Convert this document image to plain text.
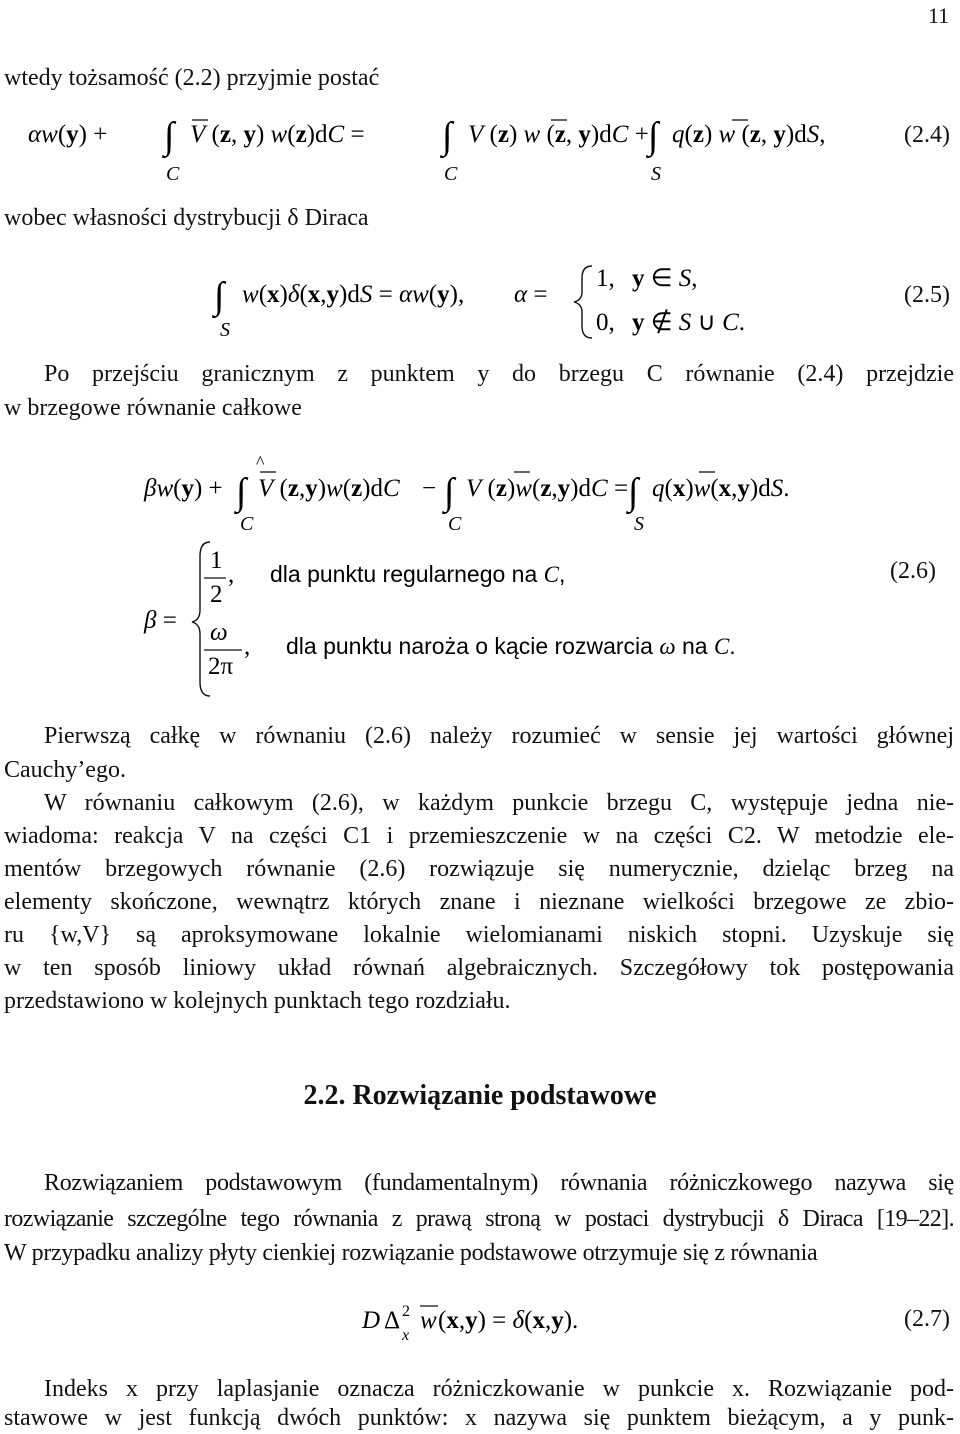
11
wtedy tożsamość (2.2) przyjmie postać
αw(y) + ∫
C
V (z, y) w(z)dC = ∫
C
V (z) w (z, y)dC + ∫
S
q(z) w (z, y)dS,	(2.4)
wobec własności dystrybucji δ Diraca
∫
S
w(x)δ(x,y)dS = αw(y), α =
1, y ∈ S,
0, y ∉ S ∪ C.
(2.5)
Po przejściu granicznym z punktem y do brzegu C równanie (2.4) przejdzie
w brzegowe równanie całkowe
βw(y) + ∫
C
V (z,y)w(z)dC
^
− ∫
C
V (z)w(z,y)dC = ∫
S
q(x)w(x,y)dS.
β =
1
2
, dla punktu regularnego na C,
ω
2π
, dla punktu naroża o kącie rozwarcia ω na C.
(2.6)
Pierwszą całkę w równaniu (2.6) należy rozumieć w sensie jej wartości głównej
Cauchy’ego.
W równaniu całkowym (2.6), w każdym punkcie brzegu C, występuje jedna nie-
wiadoma: reakcja V na części C1 i przemieszczenie w na części C2. W metodzie ele-
mentów brzegowych równanie (2.6) rozwiązuje się numerycznie, dzieląc brzeg na
elementy skończone, wewnątrz których znane i nieznane wielkości brzegowe ze zbio-
ru {w,V} są aproksymowane lokalnie wielomianami niskich stopni. Uzyskuje się
w ten sposób liniowy układ równań algebraicznych. Szczegółowy tok postępowania
przedstawiono w kolejnych punktach tego rozdziału.
2.2. Rozwiązanie podstawowe
Rozwiązaniem podstawowym (fundamentalnym) równania różniczkowego nazywa się
rozwiązanie szczególne tego równania z prawą stroną w postaci dystrybucji δ Diraca [19–22].
W przypadku analizy płyty cienkiej rozwiązanie podstawowe otrzymuje się z równania
D Δ 2
x
w (x,y) = δ(x,y).	(2.7)
Indeks x przy laplasjanie oznacza różniczkowanie w punkcie x. Rozwiązanie pod-
stawowe w jest funkcją dwóch punktów: x nazywa się punktem bieżącym, a y punk-
